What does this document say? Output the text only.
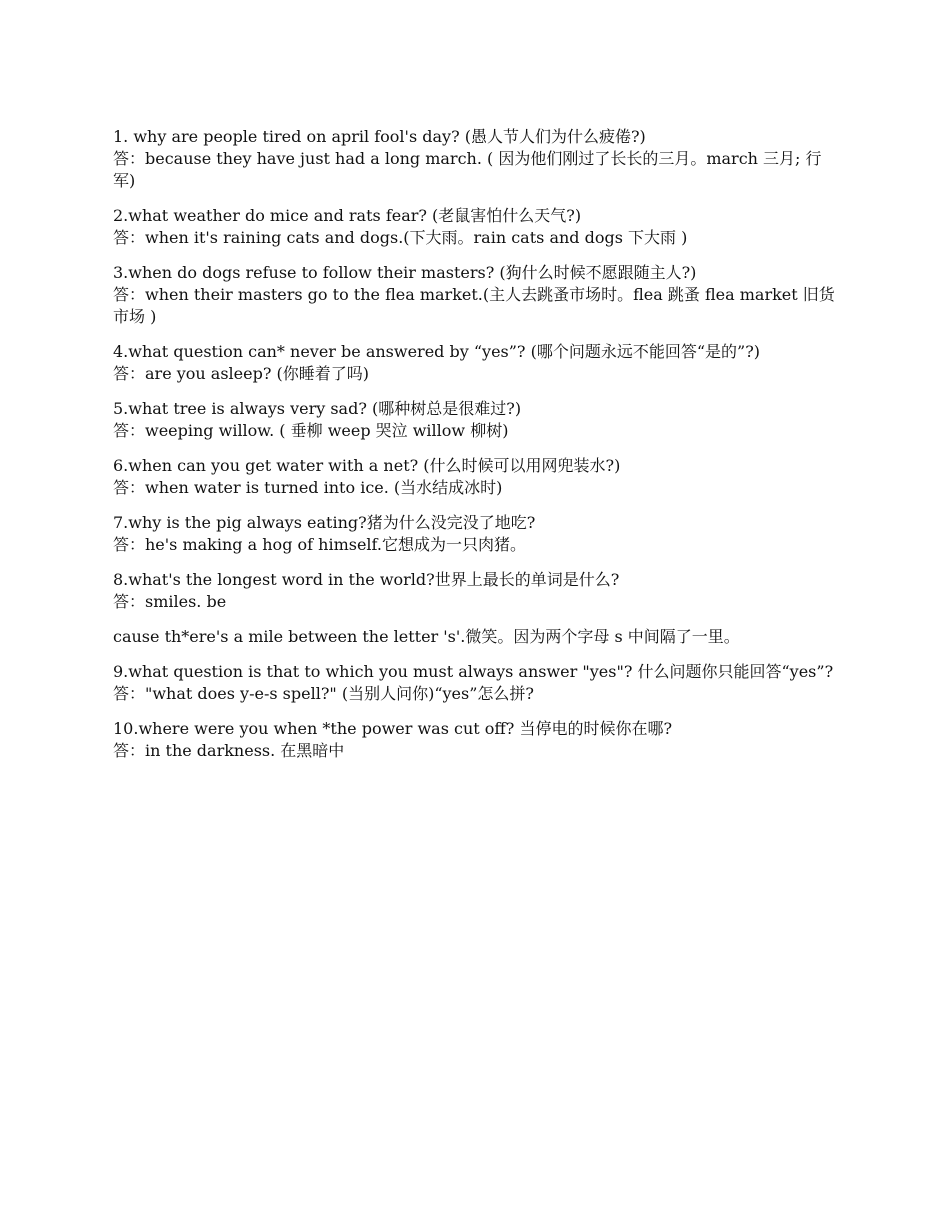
1. why are people tired on april fool's day? (愚人节人们为什么疲倦?)
答：because they have just had a long march. ( 因为他们刚过了长长的三月。march 三月; 行军)
2.what weather do mice and rats fear? (老鼠害怕什么天气?)
答：when it's raining cats and dogs.(下大雨。rain cats and dogs 下大雨 )
3.when do dogs refuse to follow their masters? (狗什么时候不愿跟随主人?)
答：when their masters go to the flea market.(主人去跳蚤市场时。flea 跳蚤 flea market 旧货市场 )
4.what question can* never be answered by “yes”? (哪个问题永远不能回答“是的”?)
答：are you asleep? (你睡着了吗)
5.what tree is always very sad? (哪种树总是很难过?)
答：weeping willow. ( 垂柳 weep 哭泣 willow 柳树)
6.when can you get water with a net? (什么时候可以用网兜装水?)
答：when water is turned into ice. (当水结成冰时)
7.why is the pig always eating?猪为什么没完没了地吃?
答：he's making a hog of himself.它想成为一只肉猪。
8.what's the longest word in the world?世界上最长的单词是什么?
答：smiles. be
cause th*ere's a mile between the letter 's'.微笑。因为两个字母 s 中间隔了一里。
9.what question is that to which you must always answer "yes"? 什么问题你只能回答“yes”?
答："what does y-e-s spell?" (当别人问你)“yes”怎么拼?
10.where were you when *the power was cut off? 当停电的时候你在哪?
答：in the darkness. 在黑暗中
